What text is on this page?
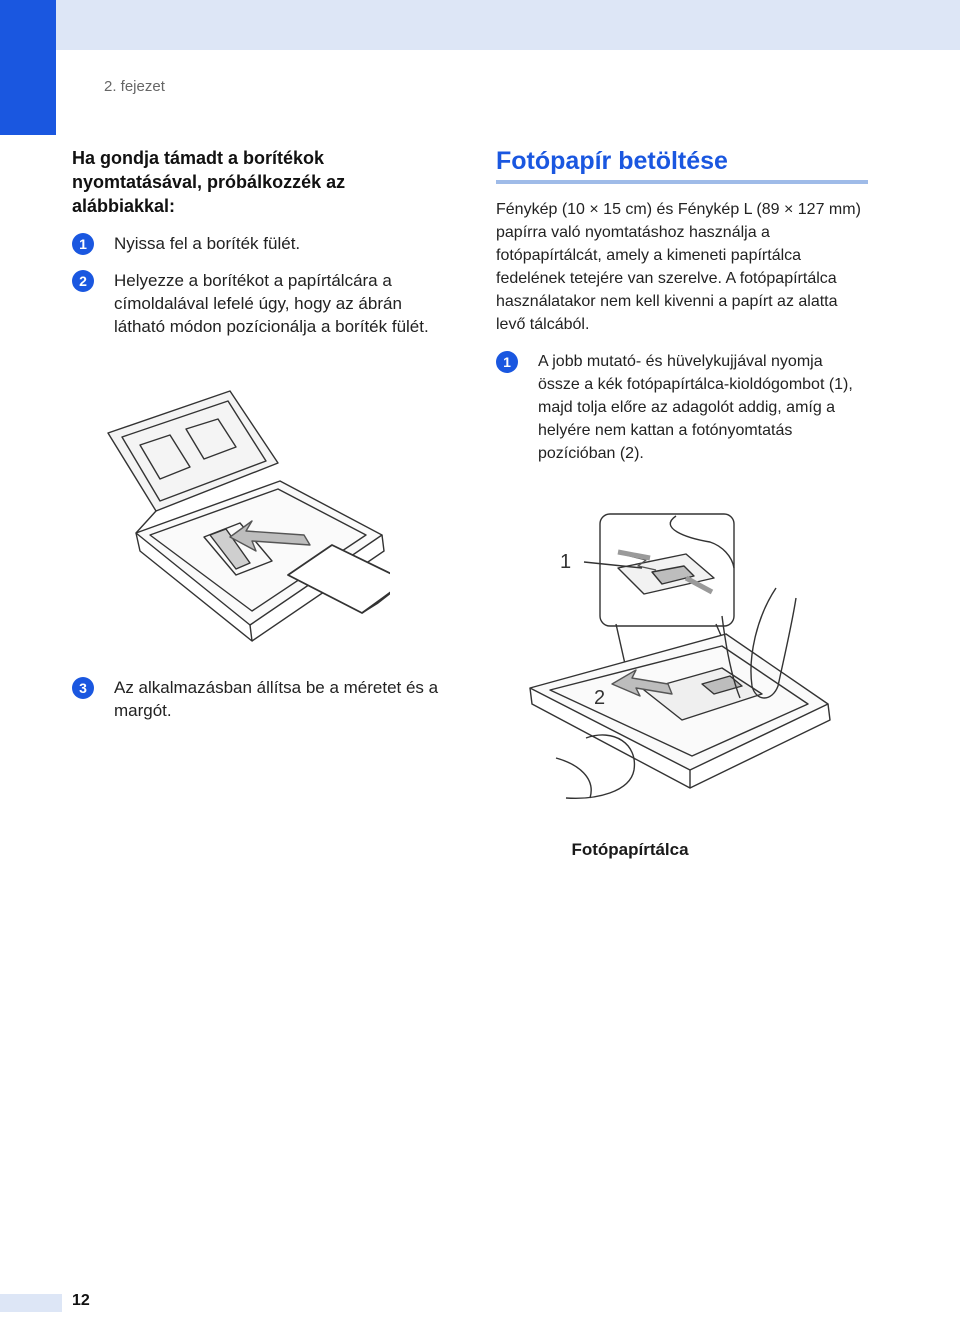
2. fejezet
Ha gondja támadt a borítékok nyomtatásával, próbálkozzék az alábbiakkal:
1	Nyissa fel a boríték fülét.
2	Helyezze a borítékot a papírtálcára a címoldalával lefelé úgy, hogy az ábrán látható módon pozícionálja a boríték fülét.
3	Az alkalmazásban állítsa be a méretet és a margót.
Fotópapír betöltése

Fénykép (10 × 15 cm) és Fénykép L (89 × 127 mm) papírra való nyomtatáshoz használja a fotópapírtálcát, amely a kimeneti papírtálca fedelének tetejére van szerelve. A fotópapírtálca használatakor nem kell kivenni a papírt az alatta levő tálcából.

1	A jobb mutató- és hüvelykujjával nyomja össze a kék fotópapírtálca-kioldógombot (1), majd tolja előre az adagolót addig, amíg a helyére nem kattan a fotónyomtatás pozícióban (2).
1
2
Fotópapírtálca
12
